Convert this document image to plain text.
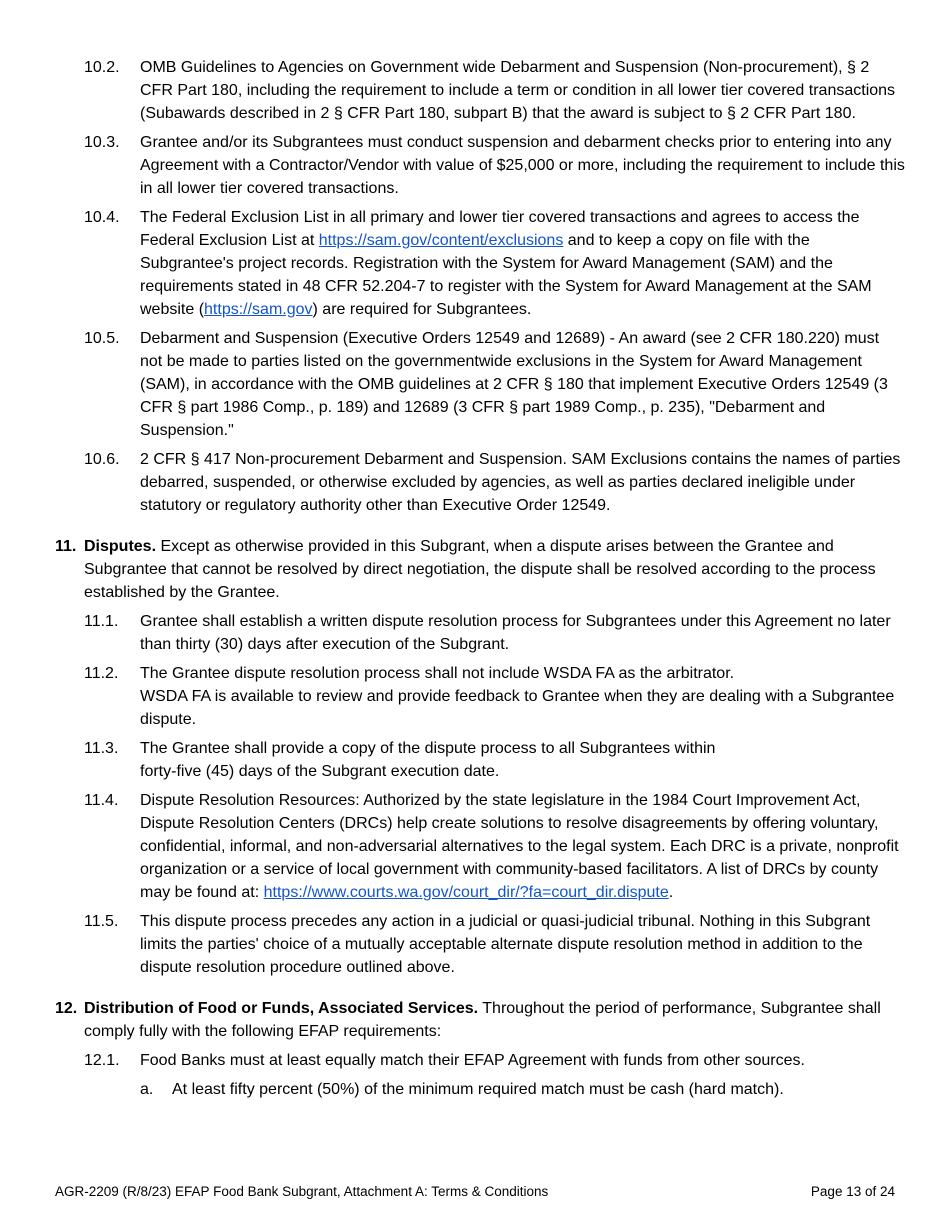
10.2.	OMB Guidelines to Agencies on Government wide Debarment and Suspension (Non-procurement), § 2 CFR Part 180, including the requirement to include a term or condition in all lower tier covered transactions (Subawards described in 2 § CFR Part 180, subpart B) that the award is subject to § 2 CFR Part 180.
10.3.	Grantee and/or its Subgrantees must conduct suspension and debarment checks prior to entering into any Agreement with a Contractor/Vendor with value of $25,000 or more, including the requirement to include this in all lower tier covered transactions.
10.4.	The Federal Exclusion List in all primary and lower tier covered transactions and agrees to access the Federal Exclusion List at https://sam.gov/content/exclusions and to keep a copy on file with the Subgrantee's project records. Registration with the System for Award Management (SAM) and the requirements stated in 48 CFR 52.204-7 to register with the System for Award Management at the SAM website (https://sam.gov) are required for Subgrantees.
10.5.	Debarment and Suspension (Executive Orders 12549 and 12689) - An award (see 2 CFR 180.220) must not be made to parties listed on the governmentwide exclusions in the System for Award Management (SAM), in accordance with the OMB guidelines at 2 CFR § 180 that implement Executive Orders 12549 (3 CFR § part 1986 Comp., p. 189) and 12689 (3 CFR § part 1989 Comp., p. 235), "Debarment and Suspension."
10.6.	2 CFR § 417 Non-procurement Debarment and Suspension. SAM Exclusions contains the names of parties debarred, suspended, or otherwise excluded by agencies, as well as parties declared ineligible under statutory or regulatory authority other than Executive Order 12549.
11. Disputes. Except as otherwise provided in this Subgrant, when a dispute arises between the Grantee and Subgrantee that cannot be resolved by direct negotiation, the dispute shall be resolved according to the process established by the Grantee.
11.1.	Grantee shall establish a written dispute resolution process for Subgrantees under this Agreement no later than thirty (30) days after execution of the Subgrant.
11.2.	The Grantee dispute resolution process shall not include WSDA FA as the arbitrator.
WSDA FA is available to review and provide feedback to Grantee when they are dealing with a Subgrantee dispute.
11.3.	The Grantee shall provide a copy of the dispute process to all Subgrantees within
forty-five (45) days of the Subgrant execution date.
11.4.	Dispute Resolution Resources: Authorized by the state legislature in the 1984 Court Improvement Act, Dispute Resolution Centers (DRCs) help create solutions to resolve disagreements by offering voluntary, confidential, informal, and non-adversarial alternatives to the legal system. Each DRC is a private, nonprofit organization or a service of local government with community-based facilitators. A list of DRCs by county may be found at: https://www.courts.wa.gov/court_dir/?fa=court_dir.dispute.
11.5.	This dispute process precedes any action in a judicial or quasi-judicial tribunal. Nothing in this Subgrant limits the parties' choice of a mutually acceptable alternate dispute resolution method in addition to the dispute resolution procedure outlined above.
12. Distribution of Food or Funds, Associated Services. Throughout the period of performance, Subgrantee shall comply fully with the following EFAP requirements:
12.1.	Food Banks must at least equally match their EFAP Agreement with funds from other sources.
a.	At least fifty percent (50%) of the minimum required match must be cash (hard match).
AGR-2209 (R/8/23) EFAP Food Bank Subgrant, Attachment A: Terms & Conditions	Page 13 of 24
